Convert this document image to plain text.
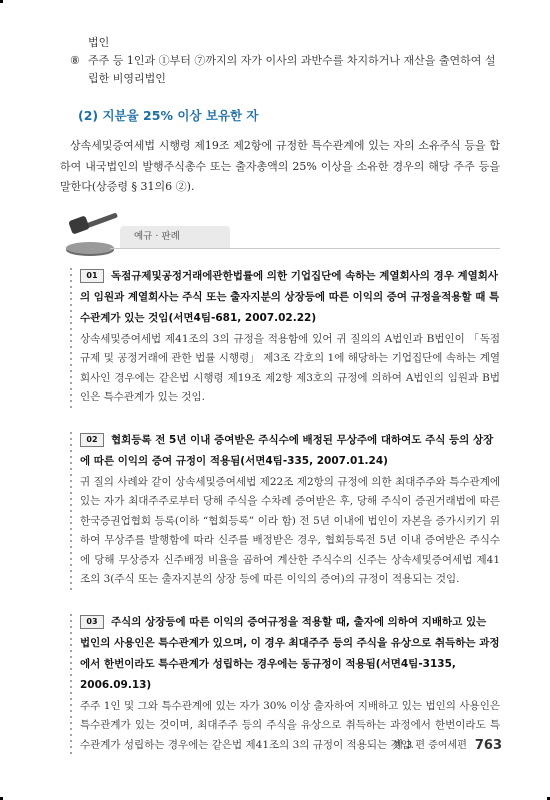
법인
⑧ 주주 등 1인과 ①부터 ⑦까지의 자가 이사의 과반수를 차지하거나 재산을 출연하여 설립한 비영리법인
(2) 지분율 25% 이상 보유한 자
상속세및증여세법 시행령 제19조 제2항에 규정한 특수관계에 있는 자의 소유주식 등을 합하여 내국법인의 발행주식총수 또는 출자총액의 25% 이상을 소유한 경우의 해당 주주 등을 말한다(상증령 § 31의6 ②).
예규 · 판례
01 독점규제및공정거래에관한법률에 의한 기업집단에 속하는 계열회사의 경우 계열회사의 임원과 계열회사는 주식 또는 출자지분의 상장등에 따른 이익의 증여 규정을적용할 때 특수관계가 있는 것임(서면4팀-681, 2007.02.22)
상속세및증여세법 제41조의 3의 규정을 적용함에 있어 귀 질의의 A법인과 B법인이 「독점규제 및 공정거래에 관한 법률 시행령」 제3조 각호의 1에 해당하는 기업집단에 속하는 계열회사인 경우에는 같은법 시행령 제19조 제2항 제3호의 규정에 의하여 A법인의 임원과 B법인은 특수관계가 있는 것임.
02 협회등록 전 5년 이내 증여받은 주식수에 배정된 무상주에 대하여도 주식 등의 상장에 따른 이익의 증여 규정이 적용됨(서면4팀-335, 2007.01.24)
귀 질의 사례와 같이 상속세및증여세법 제22조 제2항의 규정에 의한 최대주주와 특수관계에 있는 자가 최대주주로부터 당해 주식을 수차례 증여받은 후, 당해 주식이 증권거래법에 따른 한국증권업협회 등록(이하 “협회등록” 이라 함) 전 5년 이내에 법인이 자본을 증가시키기 위하여 무상주를 발행함에 따라 신주를 배정받은 경우, 협회등록전 5년 이내 증여받은 주식수에 당해 무상증자 신주배정 비율을 곱하여 계산한 주식수의 신주는 상속세및증여세법 제41조의 3(주식 또는 출자지분의 상장 등에 따른 이익의 증여)의 규정이 적용되는 것임.
03 주식의 상장등에 따른 이익의 증여규정을 적용할 때, 출자에 의하여 지배하고 있는 법인의 사용인은 특수관계가 있으며, 이 경우 최대주주 등의 주식을 유상으로 취득하는 과정에서 한번이라도 특수관계가 성립하는 경우에는 동규정이 적용됨(서면4팀-3135, 2006.09.13)
주주 1인 및 그와 특수관계에 있는 자가 30% 이상 출자하여 지배하고 있는 법인의 사용인은 특수관계가 있는 것이며, 최대주주 등의 주식을 유상으로 취득하는 과정에서 한번이라도 특수관계가 성립하는 경우에는 같은법 제41조의 3의 규정이 적용되는 것임.
제 3 편 증여세편 763
